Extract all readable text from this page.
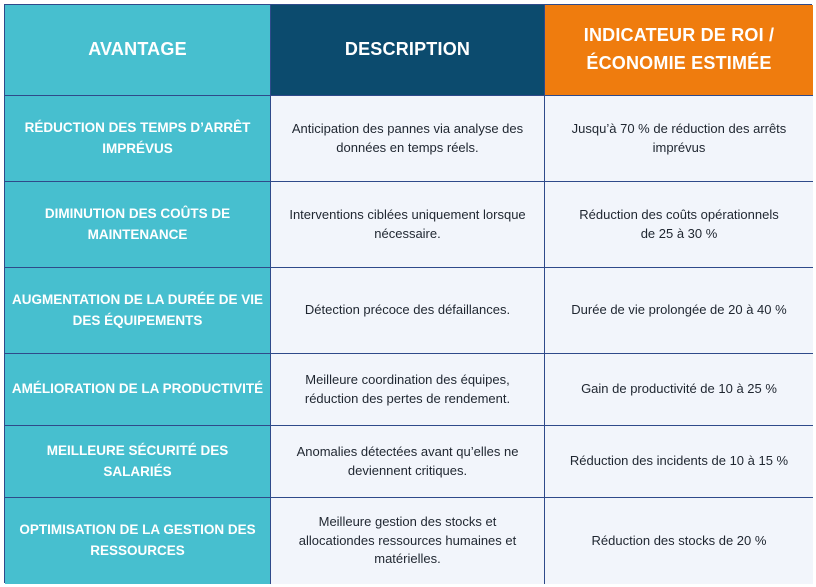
AVANTAGE	DESCRIPTION
INDICATEUR DE ROI /
ÉCONOMIE ESTIMÉE
RÉDUCTION DES TEMPS D’ARRÊT
IMPRÉVUS
Anticipation des pannes via analyse des
données en temps réels.
Jusqu’à 70 % de réduction des arrêts
imprévus
DIMINUTION DES COÛTS DE
MAINTENANCE
Interventions ciblées uniquement lorsque
nécessaire.
Réduction des coûts opérationnels
de 25 à 30 %
AUGMENTATION DE LA DURÉE DE VIE
DES ÉQUIPEMENTS
Détection précoce des défaillances.	Durée de vie prolongée de 20 à 40 %
AMÉLIORATION DE LA PRODUCTIVITÉ
Meilleure coordination des équipes,
réduction des pertes de rendement.
Gain de productivité de 10 à 25 %
MEILLEURE SÉCURITÉ DES SALARIÉS
Anomalies détectées avant qu’elles ne
deviennent critiques.
Réduction des incidents de 10 à 15 %
OPTIMISATION DE LA GESTION DES
RESSOURCES
Meilleure gestion des stocks et
allocationdes ressources humaines et
matérielles.
Réduction des stocks de 20 %
